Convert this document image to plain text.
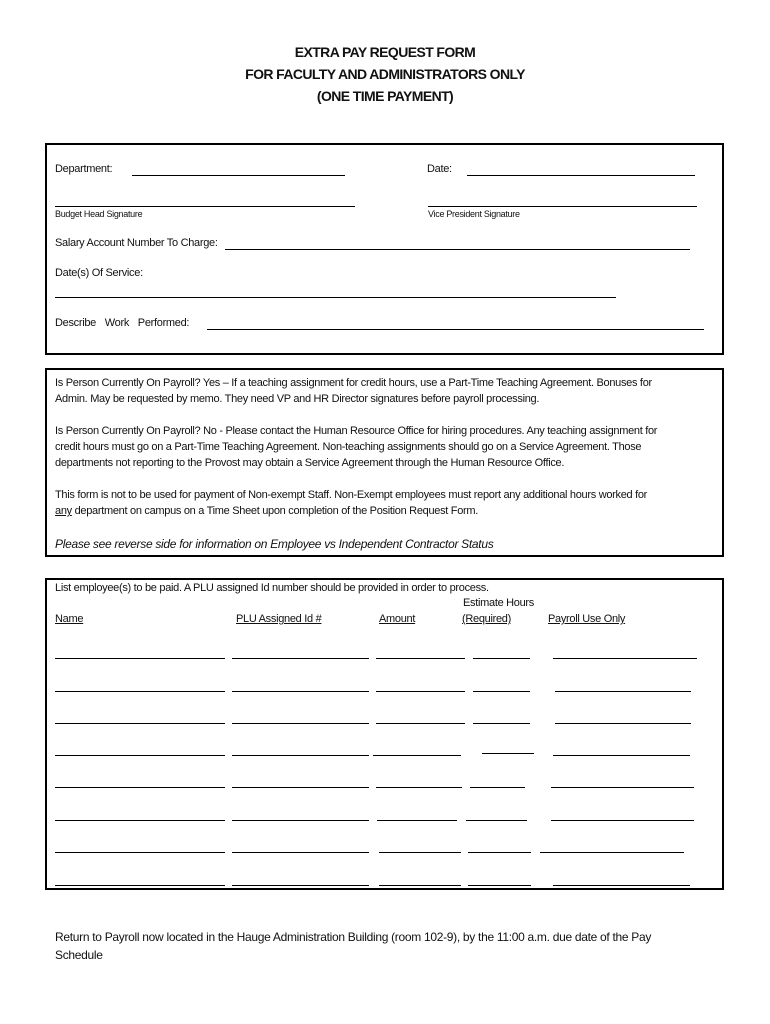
EXTRA PAY REQUEST FORM
FOR FACULTY AND ADMINISTRATORS ONLY
(ONE TIME PAYMENT)
Department:	Date:
Budget Head Signature	Vice President Signature
Salary Account Number To Charge:
Date(s) Of Service:
Describe Work Performed:
Is Person Currently On Payroll? Yes – If a teaching assignment for credit hours, use a Part-Time Teaching Agreement. Bonuses for
Admin. May be requested by memo. They need VP and HR Director signatures before payroll processing.
Is Person Currently On Payroll? No - Please contact the Human Resource Office for hiring procedures. Any teaching assignment for
credit hours must go on a Part-Time Teaching Agreement. Non-teaching assignments should go on a Service Agreement. Those
departments not reporting to the Provost may obtain a Service Agreement through the Human Resource Office.
This form is not to be used for payment of Non-exempt Staff. Non-Exempt employees must report any additional hours worked for
any department on campus on a Time Sheet upon completion of the Position Request Form.
Please see reverse side for information on Employee vs Independent Contractor Status
List employee(s) to be paid. A PLU assigned Id number should be provided in order to process.
Estimate Hours
Name	PLU Assigned Id #	Amount	(Required)	Payroll Use Only
Return to Payroll now located in the Hauge Administration Building (room 102-9), by the 11:00 a.m. due date of the Pay
Schedule
